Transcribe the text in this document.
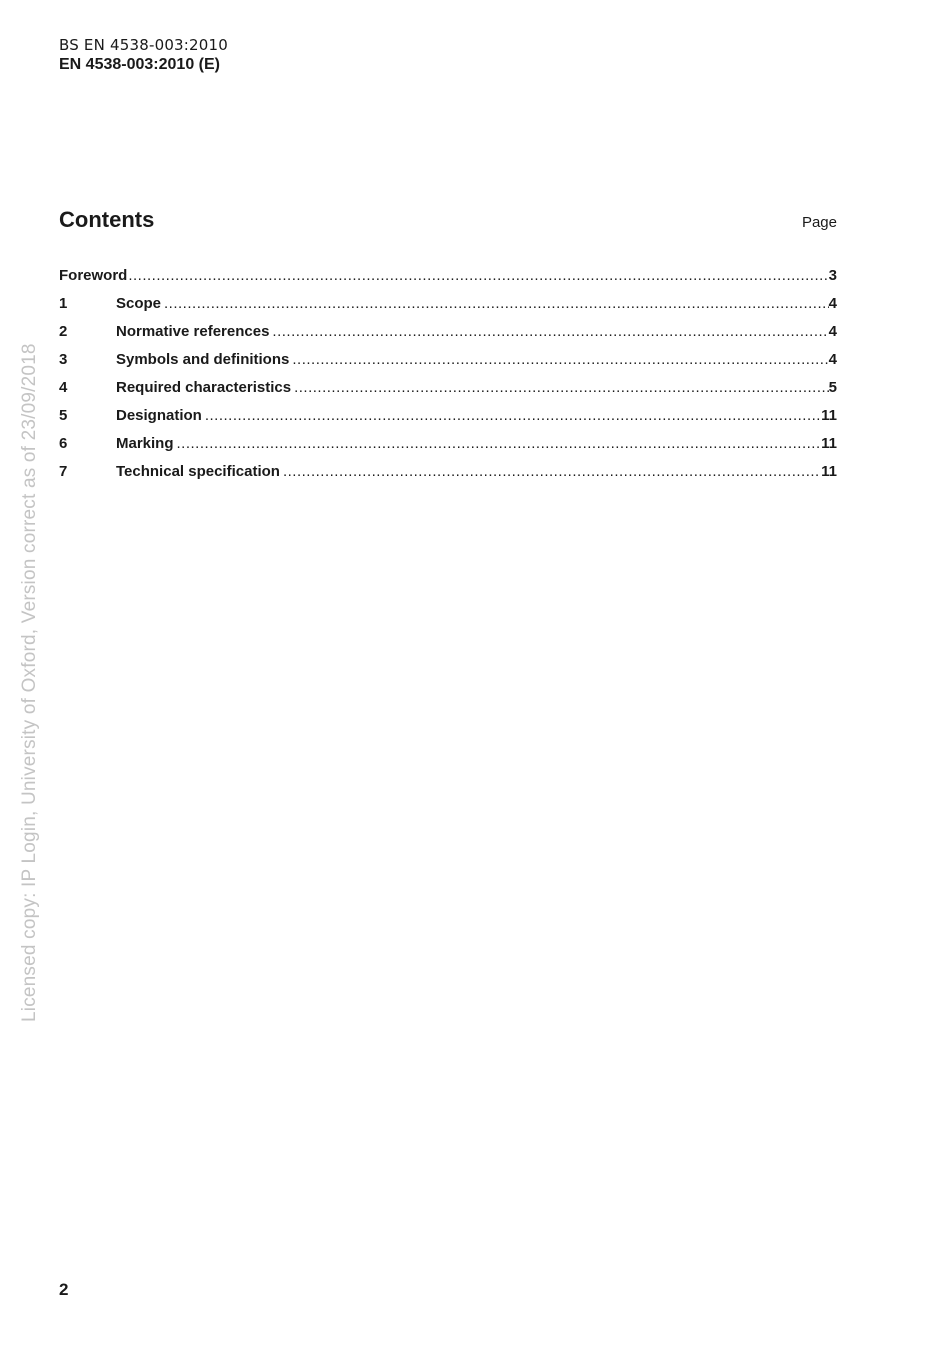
BS EN 4538-003:2010
EN 4538-003:2010 (E)
Contents	Page
Foreword .....	3
1	Scope .....	4
2	Normative references .....	4
3	Symbols and definitions .....	4
4	Required characteristics .....	5
5	Designation .....	11
6	Marking .....	11
7	Technical specification .....	11
Licensed copy: IP Login, University of Oxford, Version correct as of 23/09/2018
2
